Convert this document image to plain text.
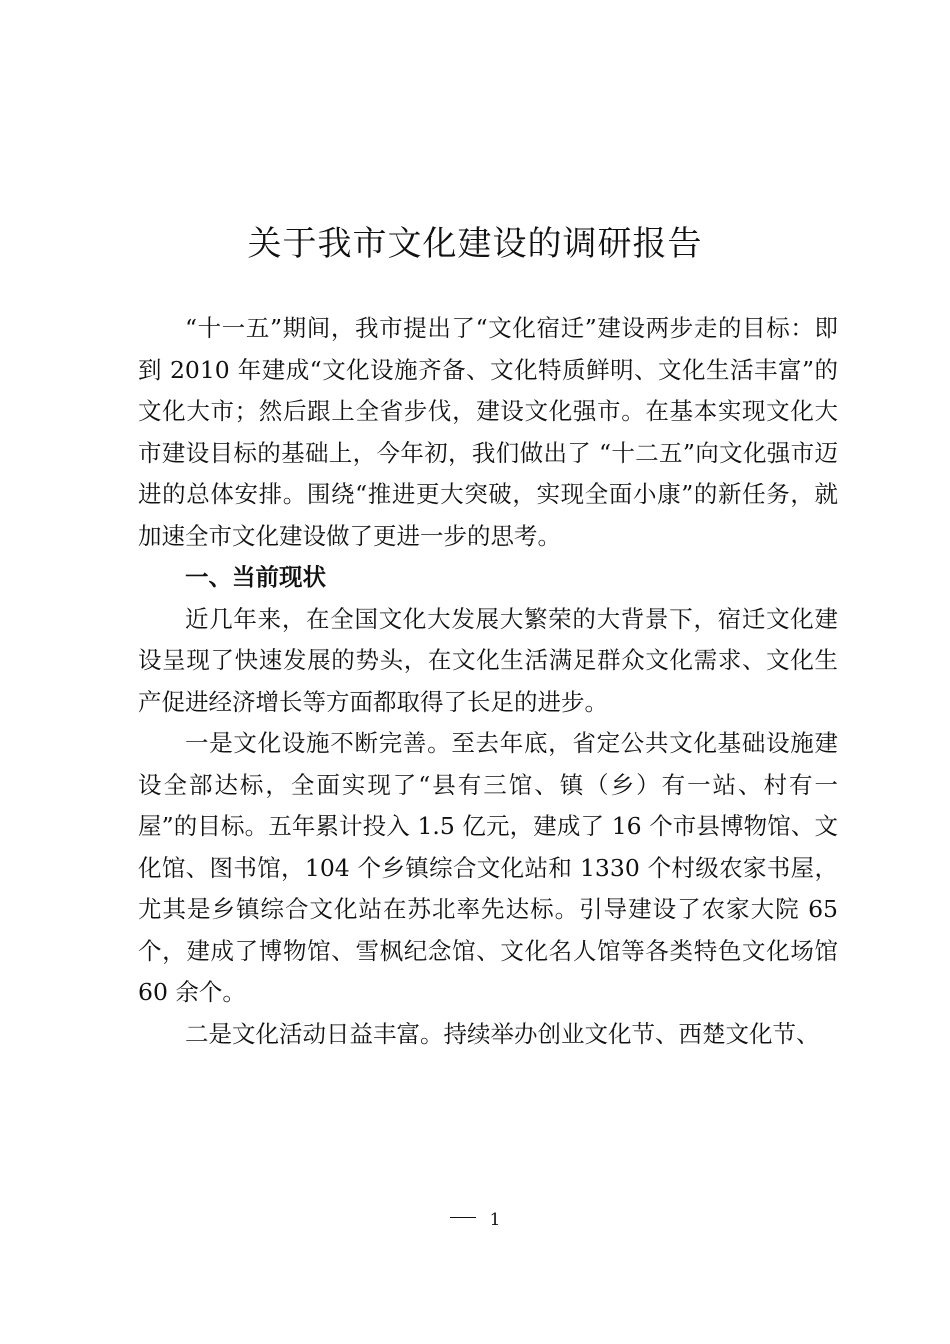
关于我市文化建设的调研报告

“十一五”期间，我市提出了“文化宿迁”建设两步走的目标：即到 2010 年建成“文化设施齐备、文化特质鲜明、文化生活丰富”的文化大市；然后跟上全省步伐，建设文化强市。在基本实现文化大市建设目标的基础上，今年初，我们做出了 “十二五”向文化强市迈进的总体安排。围绕“推进更大突破，实现全面小康”的新任务，就加速全市文化建设做了更进一步的思考。

一、当前现状

近几年来，在全国文化大发展大繁荣的大背景下，宿迁文化建设呈现了快速发展的势头，在文化生活满足群众文化需求、文化生产促进经济增长等方面都取得了长足的进步。

一是文化设施不断完善。至去年底，省定公共文化基础设施建设全部达标，全面实现了“县有三馆、镇（乡）有一站、村有一屋”的目标。五年累计投入 1.5 亿元，建成了 16 个市县博物馆、文化馆、图书馆，104 个乡镇综合文化站和 1330 个村级农家书屋， 尤其是乡镇综合文化站在苏北率先达标。引导建设了农家大院 65 个，建成了博物馆、雪枫纪念馆、文化名人馆等各类特色文化场馆 60 余个。

二是文化活动日益丰富。持续举办创业文化节、西楚文化节、

1
